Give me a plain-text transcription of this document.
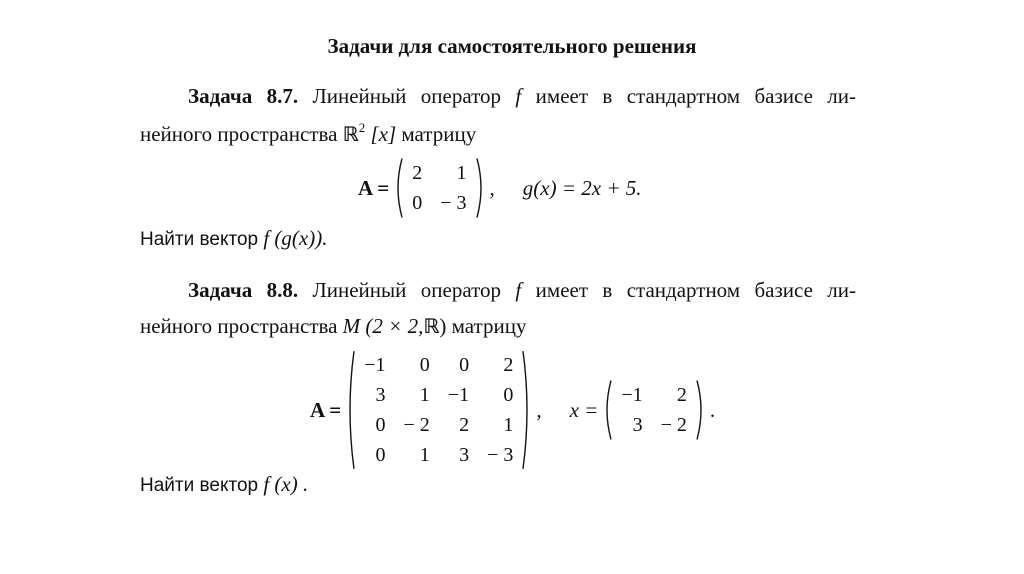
Задачи для самостоятельного решения
Задача 8.7. Линейный оператор f имеет в стандартном базисе ли-
нейного пространства ℝ$^2$ [x] матрицу
A =
2	1
0	− 3
, g(x) = 2x + 5.
Найти вектор f (g(x)).
Задача 8.8. Линейный оператор f имеет в стандартном базисе ли-
нейного пространства M (2 × 2,ℝ) матрицу
A =
−1	0	0	2
3	1	−1	0
0	− 2	2	1
0	1	3	− 3
, x =
−1	2
3	− 2
.
Найти вектор f (x) .
